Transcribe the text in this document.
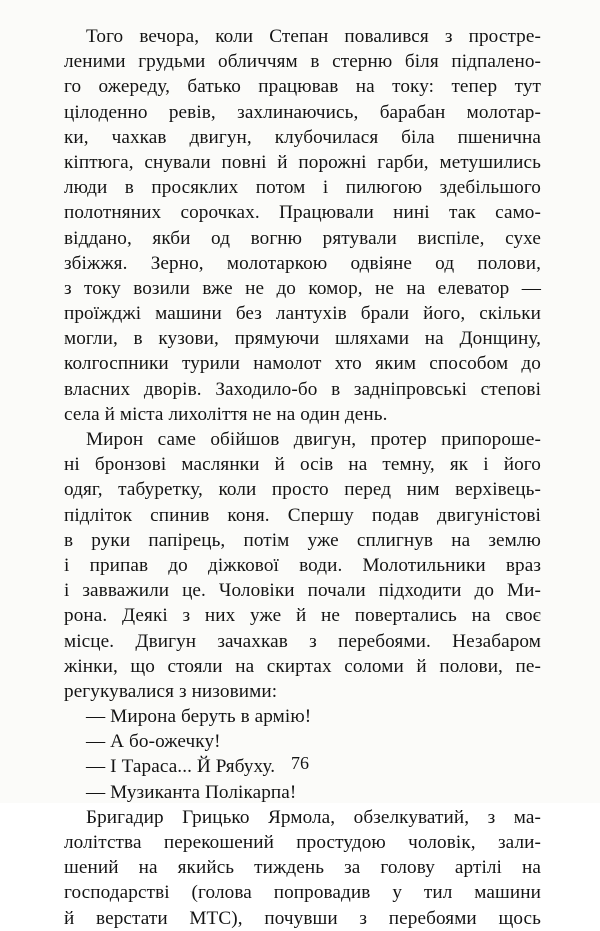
Того вечора, коли Степан повалився з простре-
леними грудьми обличчям в стерню біля підпалено-
го ожереду, батько працював на току: тепер тут
цілоденно ревів, захлинаючись, барабан молотар-
ки, чахкав двигун, клубочилася біла пшенична
кіптюга, снували повні й порожні гарби, метушились
люди в просяклих потом і пилюгою здебільшого
полотняних сорочках. Працювали нині так само-
віддано, якби од вогню рятували виспіле, сухе
збіжжя. Зерно, молотаркою одвіяне од полови,
з току возили вже не до комор, не на елеватор —
проїжджі машини без лантухів брали його, скільки
могли, в кузови, прямуючи шляхами на Донщину,
колгоспники турили намолот хто яким способом до
власних дворів. Заходило-бо в задніпровські степові
села й міста лихоліття не на один день.
Мирон саме обійшов двигун, протер припороше-
ні бронзові маслянки й осів на темну, як і його
одяг, табуретку, коли просто перед ним верхівець-
підліток спинив коня. Спершу подав двигуністові
в руки папірець, потім уже сплигнув на землю
і припав до діжкової води. Молотильники враз
і завважили це. Чоловіки почали підходити до Ми-
рона. Деякі з них уже й не повертались на своє
місце. Двигун зачахкав з перебоями. Незабаром
жінки, що стояли на скиртах соломи й полови, пе-
регукувалися з низовими:
— Мирона беруть в армію!
— А бо-ожечку!
— І Тараса... Й Рябуху.
— Музиканта Полікарпа!
Бригадир Грицько Ярмола, обзелкуватий, з ма-
лолітства перекошений простудою чоловік, зали-
шений на якийсь тиждень за голову артілі на
господарстві (голова попровадив у тил машини
й верстати МТС), почувши з перебоями щось
76
